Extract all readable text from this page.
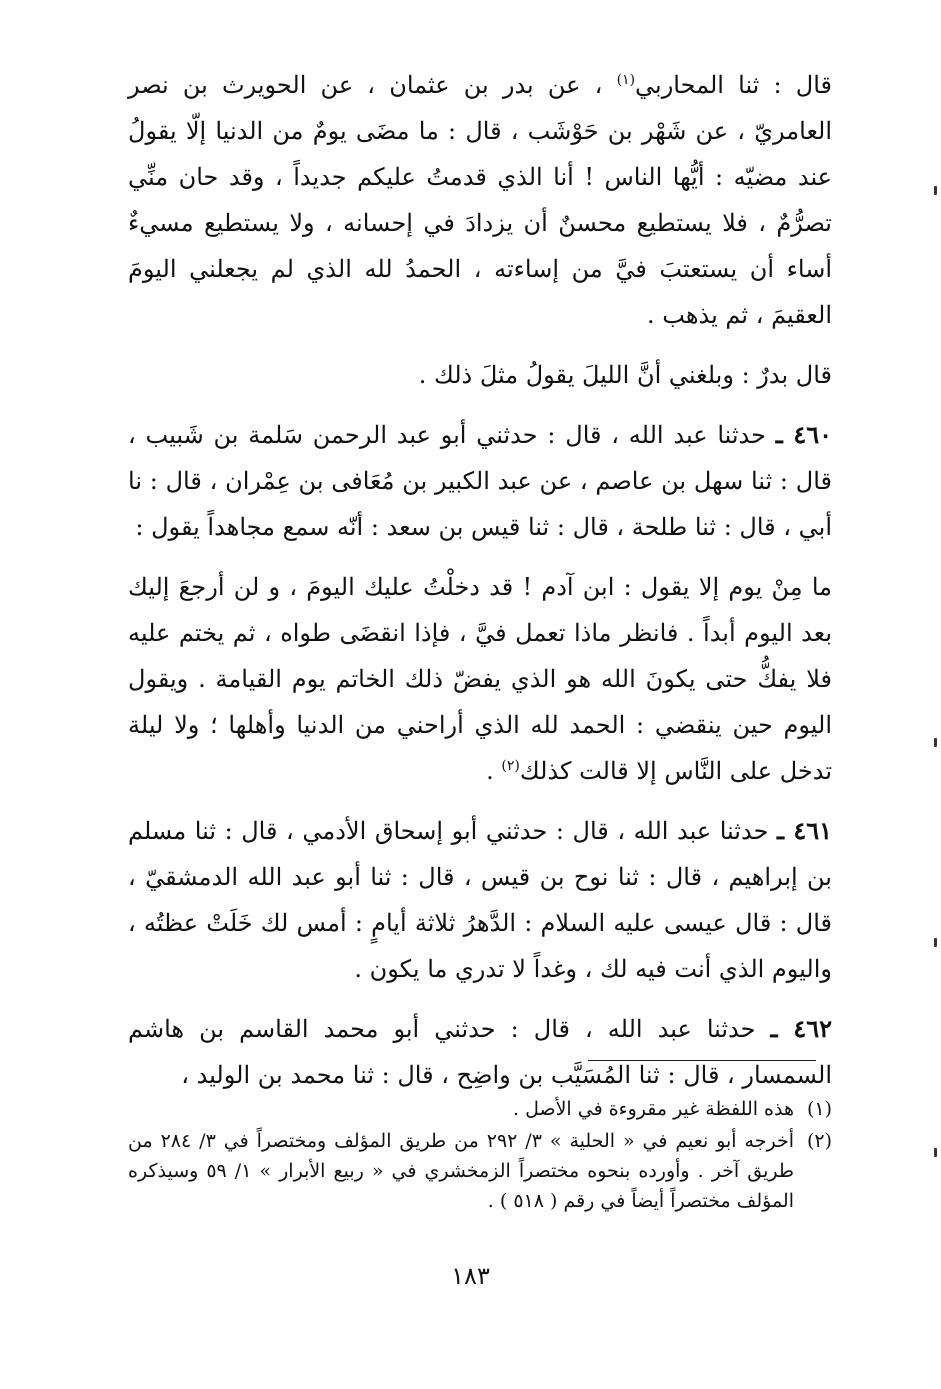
قال : ثنا المحاربي$^{(١)}$ ، عن بدر بن عثمان ، عن الحويرث بن نصر العامريّ ، عن شَهْر بن حَوْشَب ، قال : ما مضَى يومٌ من الدنيا إلّا يقولُ عند مضيّه : أيُّها الناس ! أنا الذي قدمتُ عليكم جديداً ، وقد حان منِّي تصرُّمٌ ، فلا يستطيع محسنٌ أن يزدادَ في إحسانه ، ولا يستطيع مسيءٌ أساء أن يستعتبَ فيَّ من إساءته ، الحمدُ لله الذي لم يجعلني اليومَ العقيمَ ، ثم يذهب .

قال بدرٌ : وبلغني أنَّ الليلَ يقولُ مثلَ ذلك .

٤٦٠ ـ حدثنا عبد الله ، قال : حدثني أبو عبد الرحمن سَلمة بن شَبيب ، قال : ثنا سهل بن عاصم ، عن عبد الكبير بن مُعَافى بن عِمْران ، قال : نا أبي ، قال : ثنا طلحة ، قال : ثنا قيس بن سعد : أنّه سمع مجاهداً يقول :

ما مِنْ يوم إلا يقول : ابن آدم ! قد دخلْتُ عليك اليومَ ، و لن أرجعَ إليك بعد اليوم أبداً . فانظر ماذا تعمل فيَّ ، فإذا انقضَى طواه ، ثم يختم عليه فلا يفكُّ حتى يكونَ الله هو الذي يفضّ ذلك الخاتم يوم القيامة . ويقول اليوم حين ينقضي : الحمد لله الذي أراحني من الدنيا وأهلها ؛ ولا ليلة تدخل على النَّاس إلا قالت كذلك$^{(٢)}$ .

٤٦١ ـ حدثنا عبد الله ، قال : حدثني أبو إسحاق الأدمي ، قال : ثنا مسلم بن إبراهيم ، قال : ثنا نوح بن قيس ، قال : ثنا أبو عبد الله الدمشقيّ ، قال : قال عيسى عليه السلام : الدَّهرُ ثلاثة أيامٍ : أمس لك خَلَتْ عظتُه ، واليوم الذي أنت فيه لك ، وغداً لا تدري ما يكون .

٤٦٢ ـ حدثنا عبد الله ، قال : حدثني أبو محمد القاسم بن هاشم السمسار ، قال : ثنا المُسَيَّب بن واضِح ، قال : ثنا محمد بن الوليد ،

(١)
هذه اللفظة غير مقروءة في الأصل .
(٢)
أخرجه أبو نعيم في « الحلية » ٣/ ٢٩٢ من طريق المؤلف ومختصراً في ٣/ ٢٨٤ من طريق آخر . وأورده بنحوه مختصراً الزمخشري في « ربيع الأبرار » ١/ ٥٩ وسيذكره المؤلف مختصراً أيضاً في رقم ( ٥١٨ ) .
١٨٣
